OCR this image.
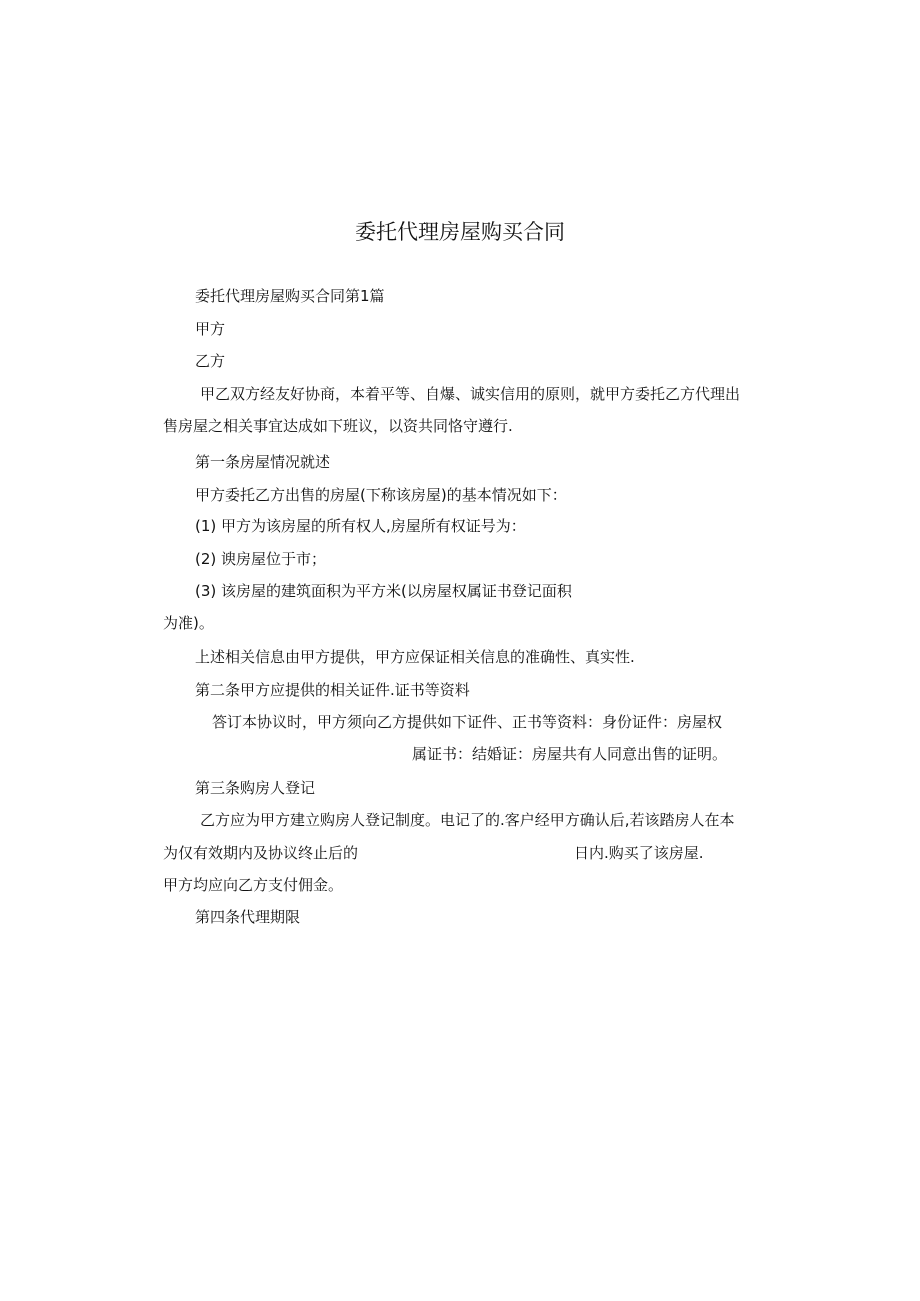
委托代理房屋购买合同
委托代理房屋购买合同第1篇
甲方
乙方
甲乙双方经友好协商，本着平等、自爆、诚实信用的原则，就甲方委托乙方代理出
售房屋之相关事宜达成如下班议，以资共同恪守遵行.
第一条房屋情况就述
甲方委托乙方出售的房屋(下称该房屋)的基本情况如下：
(1) 甲方为该房屋的所有权人,房屋所有权证号为：
(2) 谀房屋位于市；
(3) 该房屋的建筑面积为平方米(以房屋权属证书登记面积
为准)。
上述相关信息由甲方提供，甲方应保证相关信息的准确性、真实性.
第二条甲方应提供的相关证件.证书等资料
答订本协议时，甲方须向乙方提供如下证件、正书等资料：身份证件：房屋权
属证书：结婚证：房屋共有人同意出售的证明。
第三条购房人登记
乙方应为甲方建立购房人登记制度。电记了的.客户经甲方确认后,若该踏房人在本
为仅有效期内及协议终止后的	日内.购买了该房屋.
甲方均应向乙方支付佣金。
第四条代理期限
